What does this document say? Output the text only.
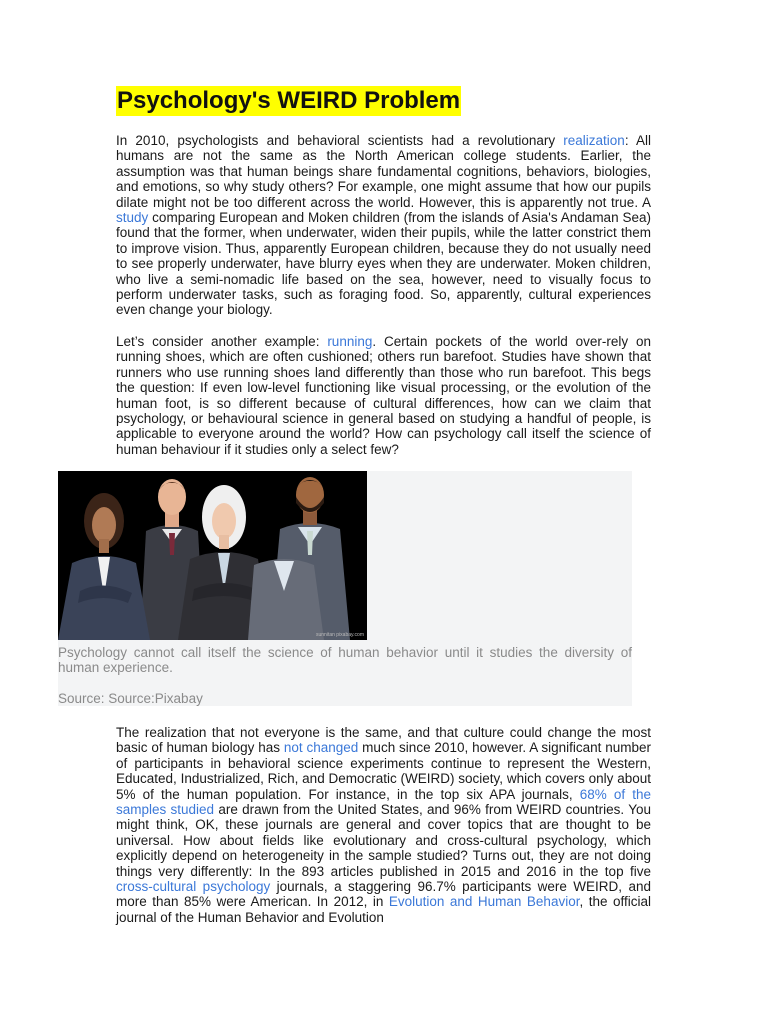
Psychology's WEIRD Problem

In 2010, psychologists and behavioral scientists had a revolutionary realization: All humans are not the same as the North American college students. Earlier, the assumption was that human beings share fundamental cognitions, behaviors, biologies, and emotions, so why study others? For example, one might assume that how our pupils dilate might not be too different across the world. However, this is apparently not true. A study comparing European and Moken children (from the islands of Asia's Andaman Sea) found that the former, when underwater, widen their pupils, while the latter constrict them to improve vision. Thus, apparently European children, because they do not usually need to see properly underwater, have blurry eyes when they are underwater. Moken children, who live a semi-nomadic life based on the sea, however, need to visually focus to perform underwater tasks, such as foraging food. So, apparently, cultural experiences even change your biology.

Let’s consider another example: running. Certain pockets of the world over-rely on running shoes, which are often cushioned; others run barefoot. Studies have shown that runners who use running shoes land differently than those who run barefoot. This begs the question: If even low-level functioning like visual processing, or the evolution of the human foot, is so different because of cultural differences, how can we claim that psychology, or behavioural science in general based on studying a handful of people, is applicable to everyone around the world? How can psychology call itself the science of human behaviour if it studies only a select few?

sunnitan pixabay.com

Psychology cannot call itself the science of human behavior until it studies the diversity of human experience.

Source: Source:Pixabay

The realization that not everyone is the same, and that culture could change the most basic of human biology has not changed much since 2010, however. A significant number of participants in behavioral science experiments continue to represent the Western, Educated, Industrialized, Rich, and Democratic (WEIRD) society, which covers only about 5% of the human population. For instance, in the top six APA journals, 68% of the samples studied are drawn from the United States, and 96% from WEIRD countries. You might think, OK, these journals are general and cover topics that are thought to be universal. How about fields like evolutionary and cross-cultural psychology, which explicitly depend on heterogeneity in the sample studied? Turns out, they are not doing things very differently: In the 893 articles published in 2015 and 2016 in the top five cross-cultural psychology journals, a staggering 96.7% participants were WEIRD, and more than 85% were American. In 2012, in Evolution and Human Behavior, the official journal of the Human Behavior and Evolution
